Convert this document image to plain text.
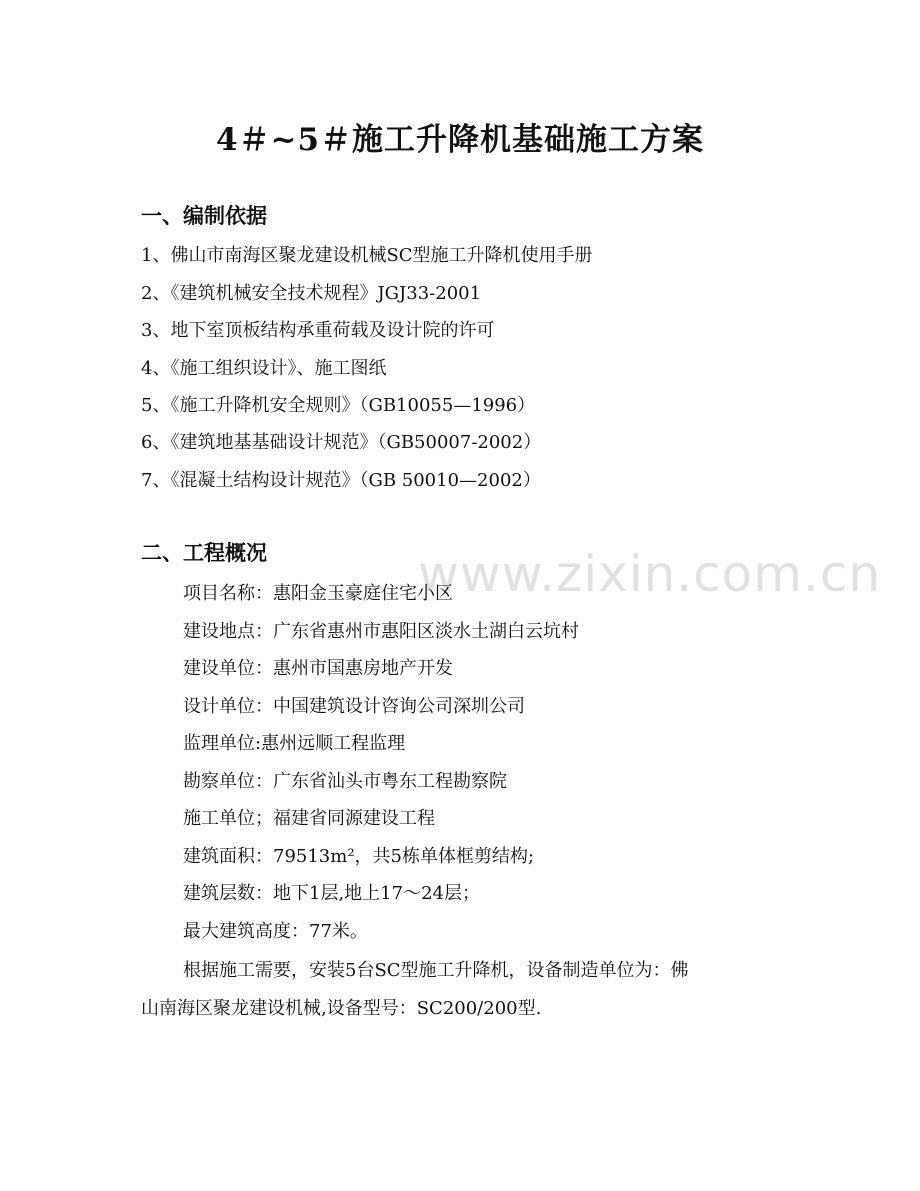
4＃~5＃施工升降机基础施工方案
一、编制依据
1、佛山市南海区聚龙建设机械SC型施工升降机使用手册
2、《建筑机械安全技术规程》JGJ33-2001
3、地下室顶板结构承重荷载及设计院的许可
4、《施工组织设计》、施工图纸
5、《施工升降机安全规则》（GB10055—1996）
6、《建筑地基基础设计规范》（GB50007-2002）
7、《混凝土结构设计规范》（GB 50010—2002）
二、工程概况	www.zixin.com.cn
项目名称：惠阳金玉豪庭住宅小区
建设地点：广东省惠州市惠阳区淡水土湖白云坑村
建设单位：惠州市国惠房地产开发
设计单位：中国建筑设计咨询公司深圳公司
监理单位:惠州远顺工程监理
勘察单位：广东省汕头市粤东工程勘察院
施工单位；福建省同源建设工程
建筑面积：79513m²，共5栋单体框剪结构;
建筑层数：地下1层,地上17～24层；
最大建筑高度：77米。
根据施工需要，安装5台SC型施工升降机，设备制造单位为：佛
山南海区聚龙建设机械,设备型号：SC200/200型.
